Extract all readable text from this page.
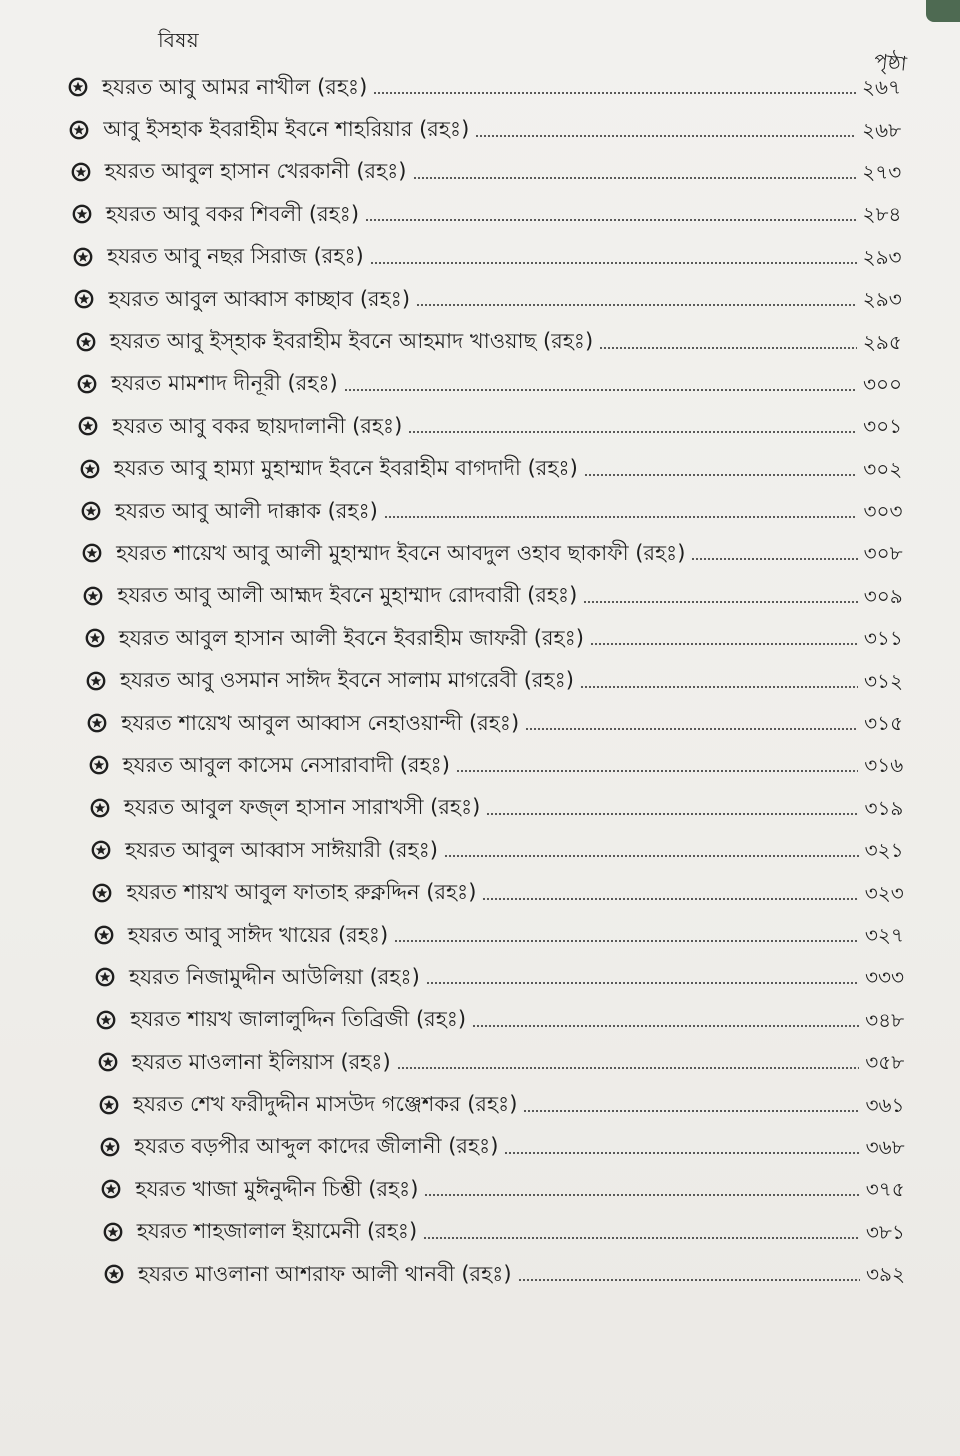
বিষয়
পৃষ্ঠা
হযরত আবু আমর নাখীল (রহঃ)	২৬৭
আবু ইসহাক ইবরাহীম ইবনে শাহরিয়ার (রহঃ)	২৬৮
হযরত আবুল হাসান খেরকানী (রহঃ)	২৭৩
হযরত আবু বকর শিবলী (রহঃ)	২৮৪
হযরত আবু নছর সিরাজ (রহঃ)	২৯৩
হযরত আবুল আব্বাস কাচ্ছাব (রহঃ)	২৯৩
হযরত আবু ইস্হাক ইবরাহীম ইবনে আহমাদ খাওয়াছ (রহঃ)	২৯৫
হযরত মামশাদ দীনূরী (রহঃ)	৩০০
হযরত আবু বকর ছায়দালানী (রহঃ)	৩০১
হযরত আবু হাম্যা মুহাম্মাদ ইবনে ইবরাহীম বাগদাদী (রহঃ)	৩০২
হযরত আবু আলী দাক্কাক (রহঃ)	৩০৩
হযরত শায়েখ আবু আলী মুহাম্মাদ ইবনে আবদুল ওহাব ছাকাফী (রহঃ)	৩০৮
হযরত আবু আলী আহ্মদ ইবনে মুহাম্মাদ রোদবারী (রহঃ)	৩০৯
হযরত আবুল হাসান আলী ইবনে ইবরাহীম জাফরী (রহঃ)	৩১১
হযরত আবু ওসমান সাঈদ ইবনে সালাম মাগরেবী (রহঃ)	৩১২
হযরত শায়েখ আবুল আব্বাস নেহাওয়ান্দী (রহঃ)	৩১৫
হযরত আবুল কাসেম নেসারাবাদী (রহঃ)	৩১৬
হযরত আবুল ফজ্ল হাসান সারাখসী (রহঃ)	৩১৯
হযরত আবুল আব্বাস সাঈয়ারী (রহঃ)	৩২১
হযরত শায়খ আবুল ফাতাহ রুক্নদ্দিন (রহঃ)	৩২৩
হযরত আবু সাঈদ খায়ের (রহঃ)	৩২৭
হযরত নিজামুদ্দীন আউলিয়া (রহঃ)	৩৩৩
হযরত শায়খ জালালুদ্দিন তিব্রিজী (রহঃ)	৩৪৮
হযরত মাওলানা ইলিয়াস (রহঃ)	৩৫৮
হযরত শেখ ফরীদুদ্দীন মাসউদ গঞ্জেশকর (রহঃ)	৩৬১
হযরত বড়পীর আব্দুল কাদের জীলানী (রহঃ)	৩৬৮
হযরত খাজা মুঈনুদ্দীন চিশ্তী (রহঃ)	৩৭৫
হযরত শাহজালাল ইয়ামেনী (রহঃ)	৩৮১
হযরত মাওলানা আশরাফ আলী থানবী (রহঃ)	৩৯২
